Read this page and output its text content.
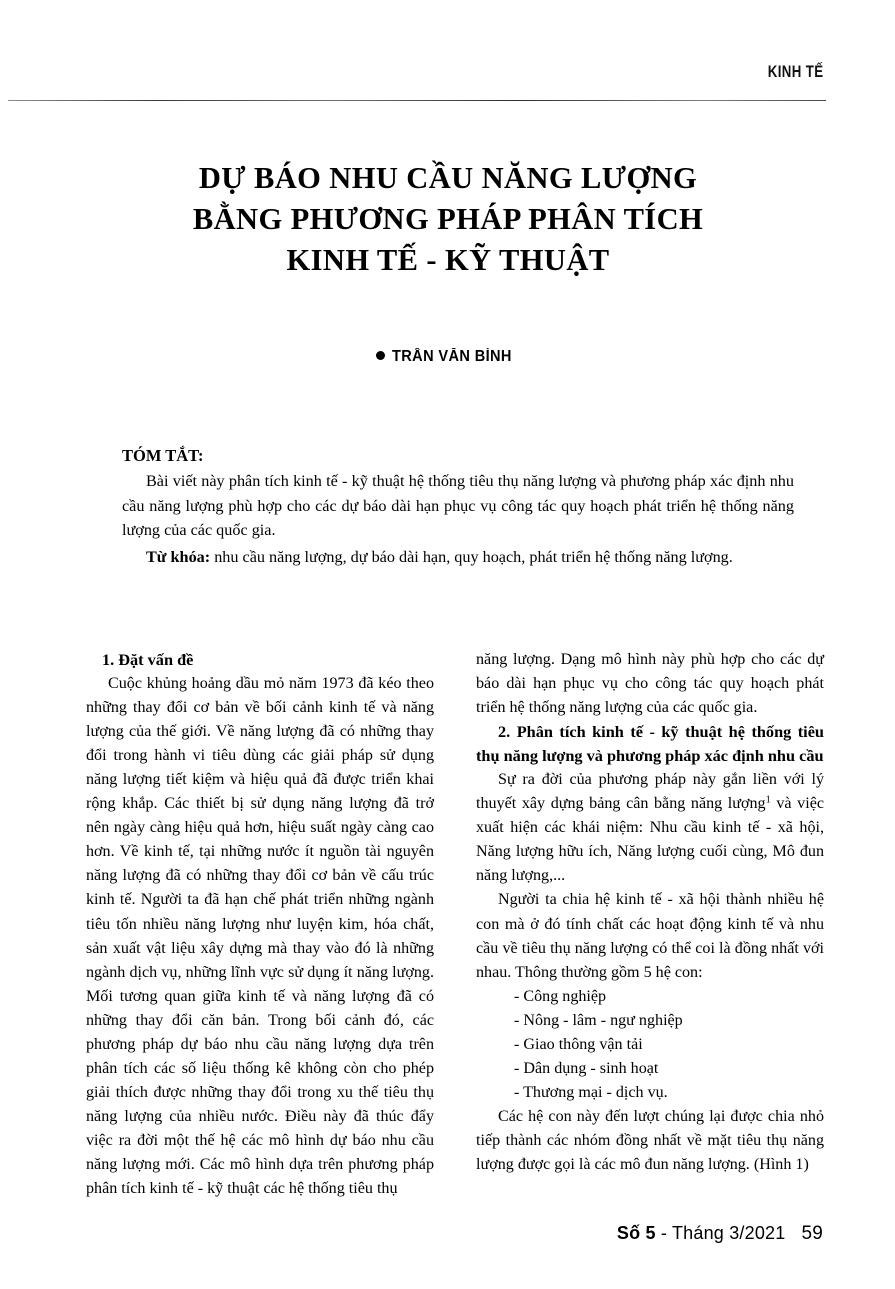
KINH TẾ
DỰ BÁO NHU CẦU NĂNG LƯỢNG
BẰNG PHƯƠNG PHÁP PHÂN TÍCH
KINH TẾ - KỸ THUẬT
TRẦN VĂN BÌNH
TÓM TẮT:

Bài viết này phân tích kinh tế - kỹ thuật hệ thống tiêu thụ năng lượng và phương pháp xác định nhu cầu năng lượng phù hợp cho các dự báo dài hạn phục vụ công tác quy hoạch phát triển hệ thống năng lượng của các quốc gia.

Từ khóa: nhu cầu năng lượng, dự báo dài hạn, quy hoạch, phát triển hệ thống năng lượng.

1. Đặt vấn đề

Cuộc khủng hoảng dầu mỏ năm 1973 đã kéo theo những thay đổi cơ bản về bối cảnh kinh tế và năng lượng của thế giới. Về năng lượng đã có những thay đổi trong hành vi tiêu dùng các giải pháp sử dụng năng lượng tiết kiệm và hiệu quả đã được triển khai rộng khắp. Các thiết bị sử dụng năng lượng đã trở nên ngày càng hiệu quả hơn, hiệu suất ngày càng cao hơn. Về kinh tế, tại những nước ít nguồn tài nguyên năng lượng đã có những thay đổi cơ bản về cấu trúc kinh tế. Người ta đã hạn chế phát triển những ngành tiêu tốn nhiều năng lượng như luyện kim, hóa chất, sản xuất vật liệu xây dựng mà thay vào đó là những ngành dịch vụ, những lĩnh vực sử dụng ít năng lượng. Mối tương quan giữa kinh tế và năng lượng đã có những thay đổi căn bản. Trong bối cảnh đó, các phương pháp dự báo nhu cầu năng lượng dựa trên phân tích các số liệu thống kê không còn cho phép giải thích được những thay đổi trong xu thế tiêu thụ năng lượng của nhiều nước. Điều này đã thúc đẩy việc ra đời một thế hệ các mô hình dự báo nhu cầu năng lượng mới. Các mô hình dựa trên phương pháp phân tích kinh tế - kỹ thuật các hệ thống tiêu thụ

năng lượng. Dạng mô hình này phù hợp cho các dự báo dài hạn phục vụ cho công tác quy hoạch phát triển hệ thống năng lượng của các quốc gia.

2. Phân tích kinh tế - kỹ thuật hệ thống tiêu thụ năng lượng và phương pháp xác định nhu cầu

Sự ra đời của phương pháp này gắn liền với lý thuyết xây dựng bảng cân bằng năng lượng$^1$ và việc xuất hiện các khái niệm: Nhu cầu kinh tế - xã hội, Năng lượng hữu ích, Năng lượng cuối cùng, Mô đun năng lượng,...

Người ta chia hệ kinh tế - xã hội thành nhiều hệ con mà ở đó tính chất các hoạt động kinh tế và nhu cầu về tiêu thụ năng lượng có thể coi là đồng nhất với nhau. Thông thường gồm 5 hệ con:

- Công nghiệp
- Nông - lâm - ngư nghiệp
- Giao thông vận tải
- Dân dụng - sinh hoạt
- Thương mại - dịch vụ.

Các hệ con này đến lượt chúng lại được chia nhỏ tiếp thành các nhóm đồng nhất về mặt tiêu thụ năng lượng được gọi là các mô đun năng lượng. (Hình 1)

Số 5 - Tháng 3/2021 59
